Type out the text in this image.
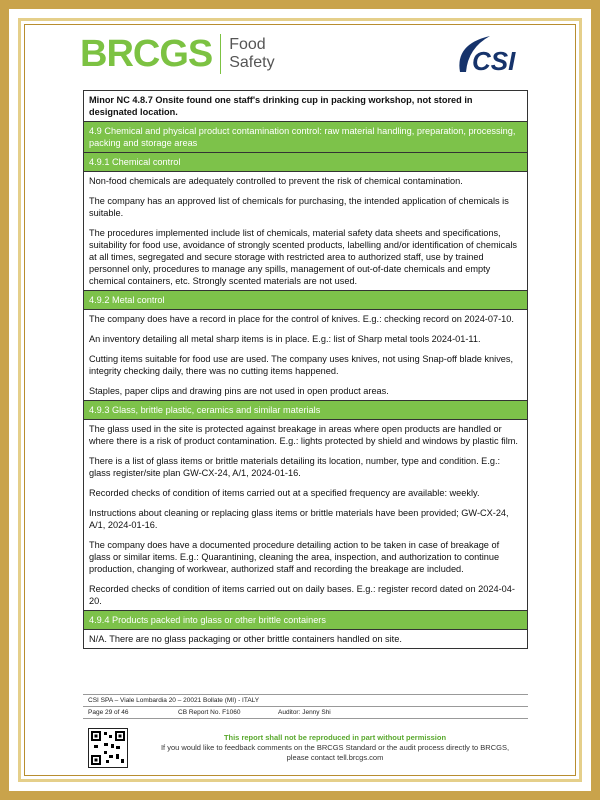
BRCGS Food
Safety	CSI
Minor NC 4.8.7 Onsite found one staff's drinking cup in packing workshop, not stored in designated location.
4.9 Chemical and physical product contamination control: raw material handling, preparation, processing, packing and storage areas
4.9.1 Chemical control

Non-food chemicals are adequately controlled to prevent the risk of chemical contamination.

The company has an approved list of chemicals for purchasing, the intended application of chemicals is suitable.

The procedures implemented include list of chemicals, material safety data sheets and specifications, suitability for food use, avoidance of strongly scented products, labelling and/or identification of chemicals at all times, segregated and secure storage with restricted area to authorized staff, use by trained personnel only, procedures to manage any spills, management of out-of-date chemicals and empty chemical containers, etc. Strongly scented materials are not used.

4.9.2 Metal control

The company does have a record in place for the control of knives. E.g.: checking record on 2024-07-10.

An inventory detailing all metal sharp items is in place. E.g.: list of Sharp metal tools 2024-01-11.

Cutting items suitable for food use are used. The company uses knives, not using Snap-off blade knives, integrity checking daily, there was no cutting items happened.

Staples, paper clips and drawing pins are not used in open product areas.

4.9.3 Glass, brittle plastic, ceramics and similar materials

The glass used in the site is protected against breakage in areas where open products are handled or where there is a risk of product contamination. E.g.: lights protected by shield and windows by plastic film.

There is a list of glass items or brittle materials detailing its location, number, type and condition. E.g.: glass register/site plan GW-CX-24, A/1, 2024-01-16.

Recorded checks of condition of items carried out at a specified frequency are available: weekly.

Instructions about cleaning or replacing glass items or brittle materials have been provided; GW-CX-24, A/1, 2024-01-16.

The company does have a documented procedure detailing action to be taken in case of breakage of glass or similar items. E.g.: Quarantining, cleaning the area, inspection, and authorization to continue production, changing of workwear, authorized staff and recording the breakage are included.

Recorded checks of condition of items carried out on daily bases. E.g.: register record dated on 2024-04-20.

4.9.4 Products packed into glass or other brittle containers

N/A. There are no glass packaging or other brittle containers handled on site.

CSI SPA – Viale Lombardia 20 – 20021 Bollate (MI) - ITALY
Page 29 of 46	CB Report No. F1060	Auditor: Jenny Shi
This report shall not be reproduced in part without permission
If you would like to feedback comments on the BRCGS Standard or the audit process directly to BRCGS,
please contact tell.brcgs.com
